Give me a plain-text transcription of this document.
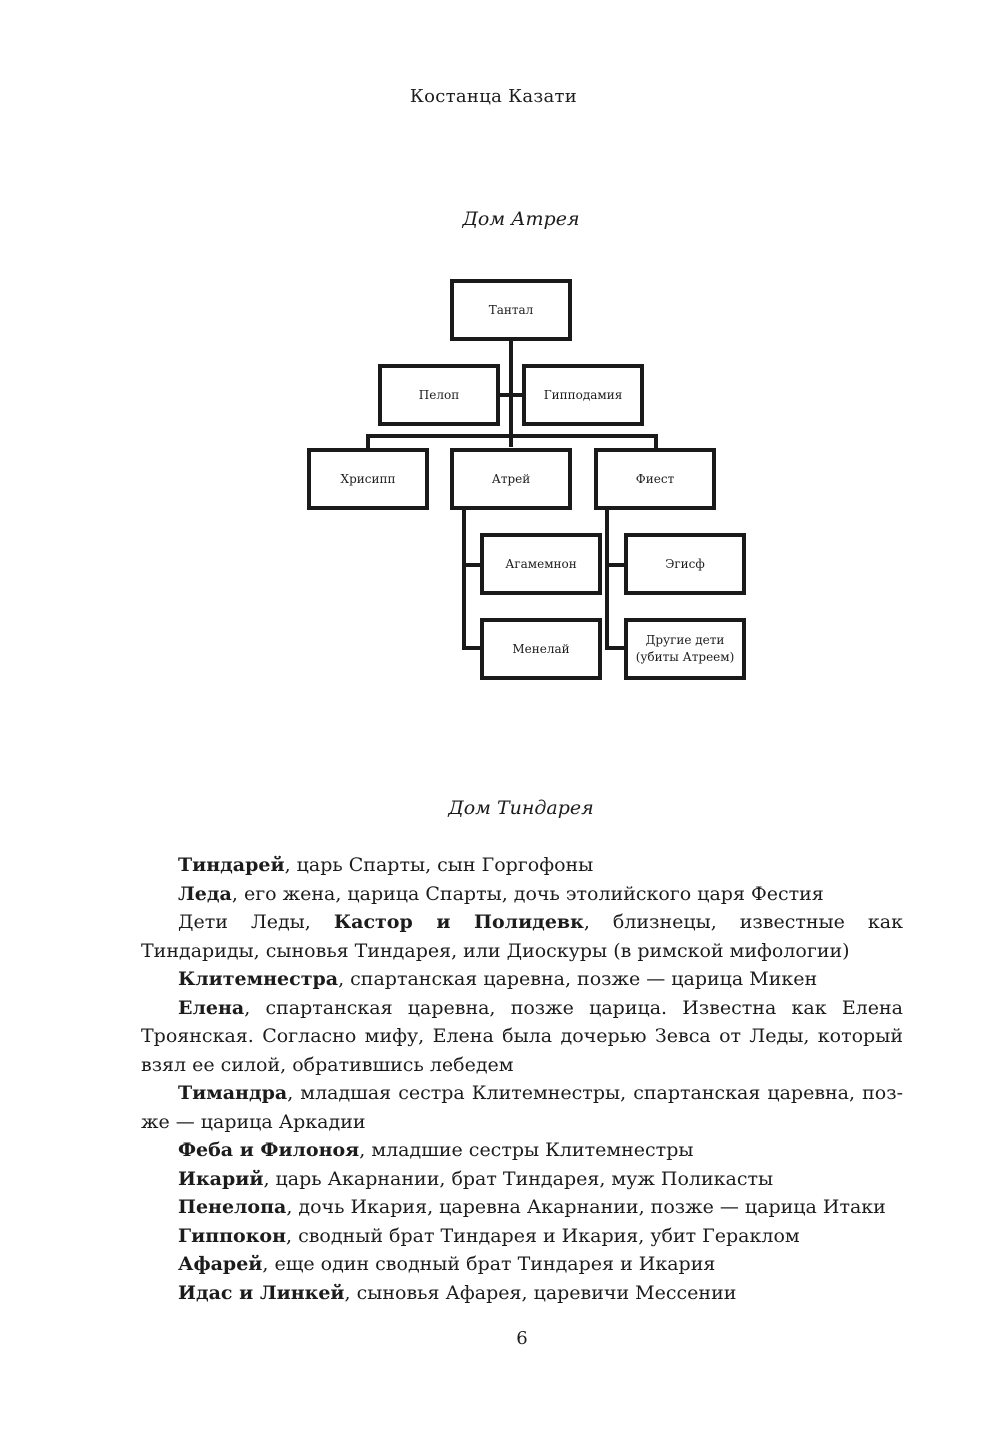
Костанца Казати
Дом Атрея
Тантал
Пелоп	Гипподамия
Хрисипп	Атрей	Фиест
Агамемнон	Эгисф
Менелай
Другие дети
(убиты Атреем)
Дом Тиндарея

Тиндарей, царь Спарты, сын Горгофоны

Леда, его жена, царица Спарты, дочь этолийского царя Фестия

Дети Леды, Кастор и Полидевк, близнецы, известные как Тиндариды, сыновья Тиндарея, или Диоскуры (в римской мифологии)

Клитемнестра, спартанская царевна, позже — царица Микен

Елена, спартанская царевна, позже царица. Известна как Елена Троянская. Согласно мифу, Елена была дочерью Зевса от Леды, который взял ее силой, обратившись лебедем

Тимандра, младшая сестра Клитемнестры, спартанская царевна, позже — царица Аркадии

Феба и Филоноя, младшие сестры Клитемнестры

Икарий, царь Акарнании, брат Тиндарея, муж Поликасты

Пенелопа, дочь Икария, царевна Акарнании, позже — царица Итаки

Гиппокон, сводный брат Тиндарея и Икария, убит Гераклом

Афарей, еще один сводный брат Тиндарея и Икария

Идас и Линкей, сыновья Афарея, царевичи Мессении

6
